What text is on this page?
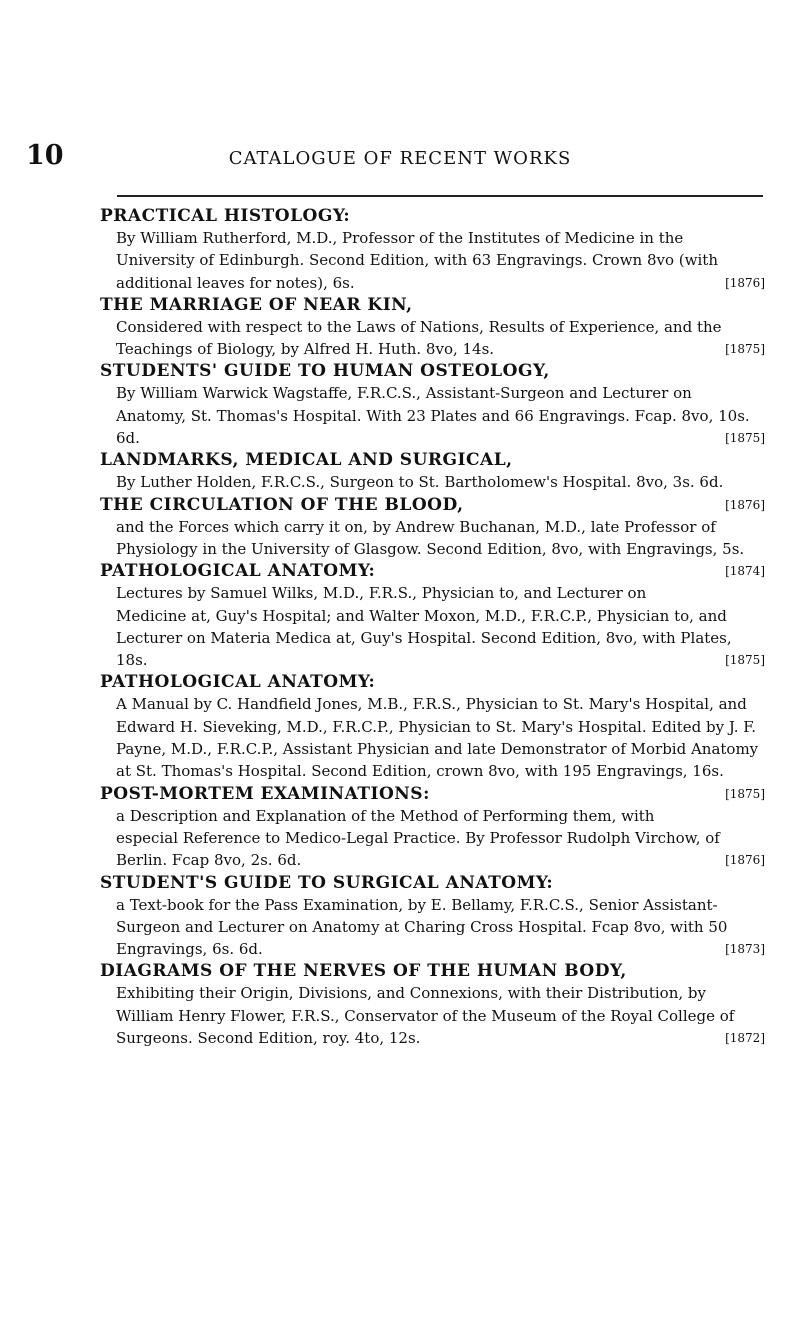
10	CATALOGUE OF RECENT WORKS
PRACTICAL HISTOLOGY:
By William Rutherford, M.D., Professor of the Institutes of Medicine in the University of Edinburgh. Second Edition, with 63 Engravings. Crown 8vo (with additional leaves for notes), 6s.	[1876]
THE MARRIAGE OF NEAR KIN,
Considered with respect to the Laws of Nations, Results of Experience, and the Teachings of Biology, by Alfred H. Huth. 8vo, 14s.	[1875]
STUDENTS' GUIDE TO HUMAN OSTEOLOGY,
By William Warwick Wagstaffe, F.R.C.S., Assistant-Surgeon and Lecturer on Anatomy, St. Thomas's Hospital. With 23 Plates and 66 Engravings. Fcap. 8vo, 10s. 6d.	[1875]
LANDMARKS, MEDICAL AND SURGICAL,
By Luther Holden, F.R.C.S., Surgeon to St. Bartholomew's Hospital. 8vo, 3s. 6d.
[1876]
THE CIRCULATION OF THE BLOOD,
and the Forces which carry it on, by Andrew Buchanan, M.D., late Professor of Physiology in the University of Glasgow. Second Edition, 8vo, with Engravings, 5s.
[1874]
PATHOLOGICAL ANATOMY:
Lectures by Samuel Wilks, M.D., F.R.S., Physician to, and Lecturer on Medicine at, Guy's Hospital; and Walter Moxon, M.D., F.R.C.P., Physician to, and Lecturer on Materia Medica at, Guy's Hospital. Second Edition, 8vo, with Plates, 18s.	[1875]
PATHOLOGICAL ANATOMY:
A Manual by C. Handfield Jones, M.B., F.R.S., Physician to St. Mary's Hospital, and Edward H. Sieveking, M.D., F.R.C.P., Physician to St. Mary's Hospital. Edited by J. F. Payne, M.D., F.R.C.P., Assistant Physician and late Demonstrator of Morbid Anatomy at St. Thomas's Hospital. Second Edition, crown 8vo, with 195 Engravings, 16s.
[1875]
POST-MORTEM EXAMINATIONS:
a Description and Explanation of the Method of Performing them, with especial Reference to Medico-Legal Practice. By Professor Rudolph Virchow, of Berlin. Fcap 8vo, 2s. 6d.	[1876]
STUDENT'S GUIDE TO SURGICAL ANATOMY:
a Text-book for the Pass Examination, by E. Bellamy, F.R.C.S., Senior Assistant-Surgeon and Lecturer on Anatomy at Charing Cross Hospital. Fcap 8vo, with 50 Engravings, 6s. 6d.	[1873]
DIAGRAMS OF THE NERVES OF THE HUMAN BODY,
Exhibiting their Origin, Divisions, and Connexions, with their Distribution, by William Henry Flower, F.R.S., Conservator of the Museum of the Royal College of Surgeons. Second Edition, roy. 4to, 12s.	[1872]
